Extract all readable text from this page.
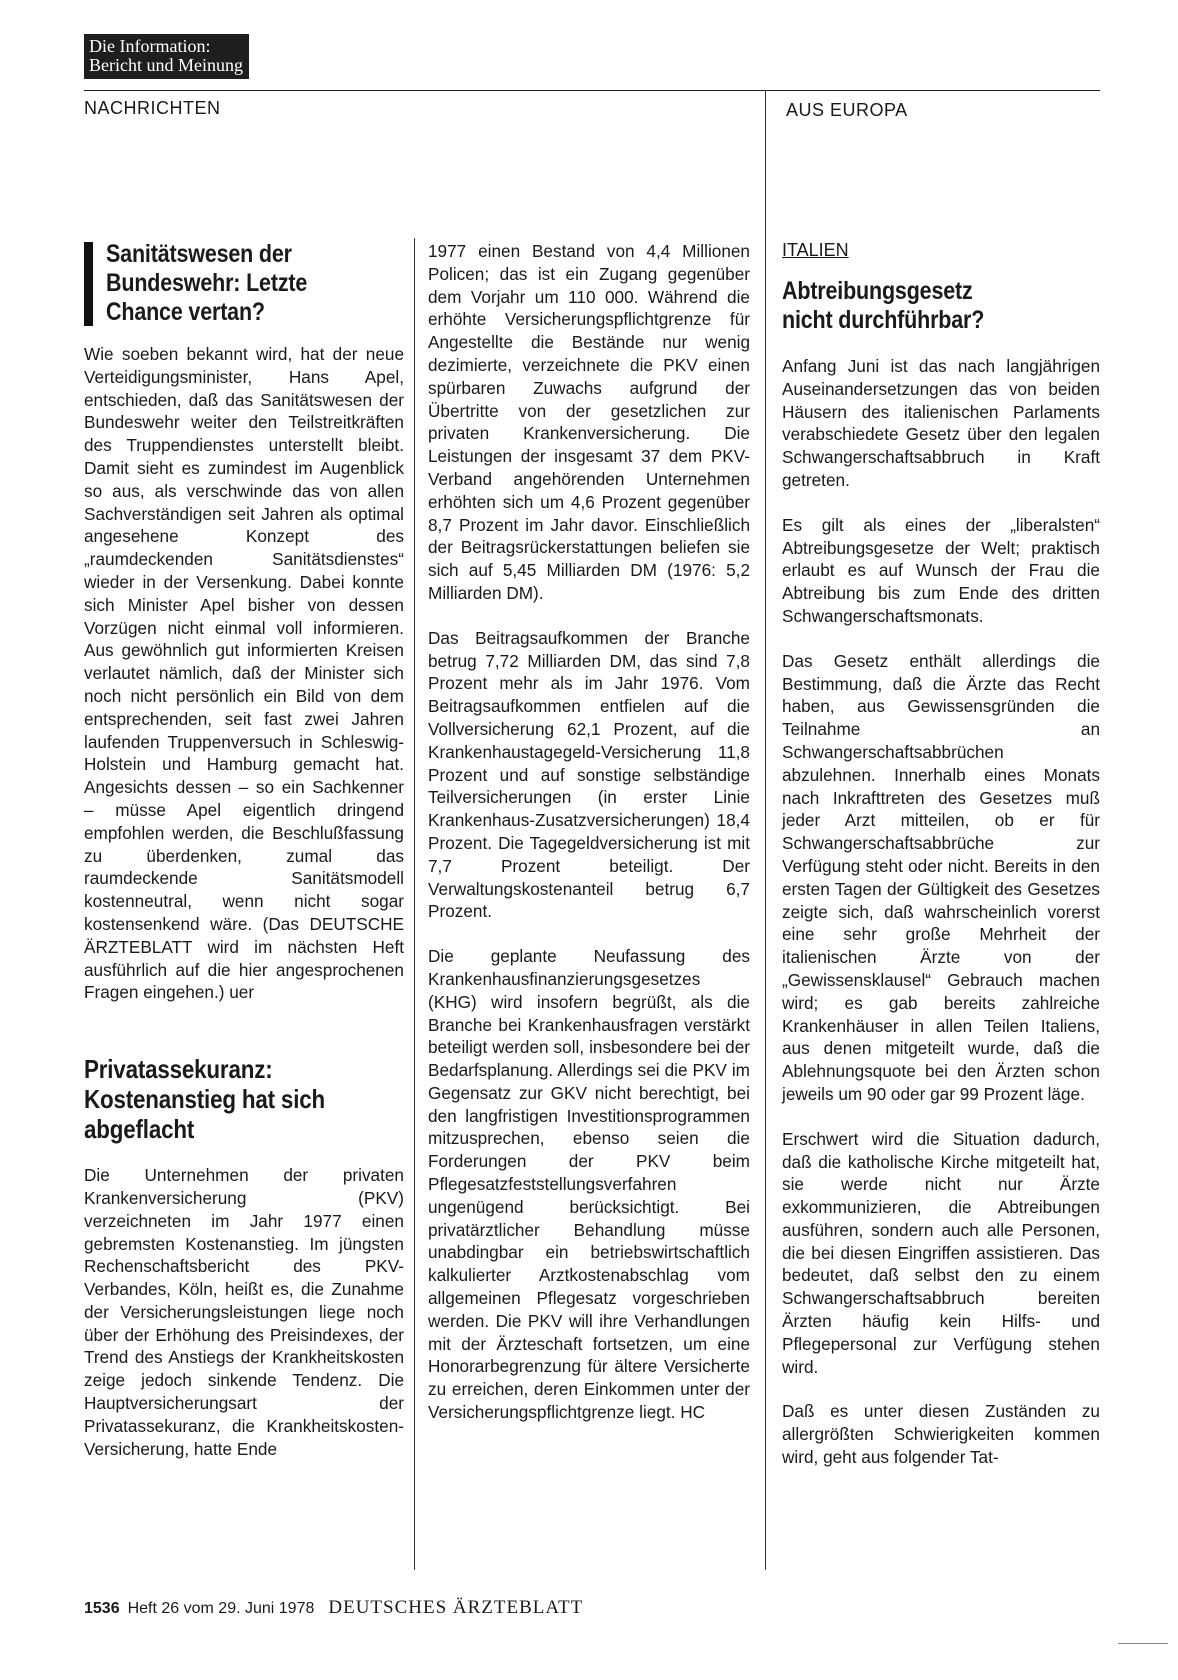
Die Information:
Bericht und Meinung
NACHRICHTEN	AUS EUROPA
Sanitätswesen der Bundeswehr: Letzte Chance vertan?

Wie soeben bekannt wird, hat der neue Verteidigungsminister, Hans Apel, entschieden, daß das Sanitätswesen der Bundeswehr weiter den Teilstreitkräften des Truppendienstes unterstellt bleibt. Damit sieht es zumindest im Augenblick so aus, als verschwinde das von allen Sachverständigen seit Jahren als optimal angesehene Konzept des „raumdeckenden Sanitätsdienstes“ wieder in der Versenkung. Dabei konnte sich Minister Apel bisher von dessen Vorzügen nicht einmal voll informieren. Aus gewöhnlich gut informierten Kreisen verlautet nämlich, daß der Minister sich noch nicht persönlich ein Bild von dem entsprechenden, seit fast zwei Jahren laufenden Truppenversuch in Schleswig-Holstein und Hamburg gemacht hat. Angesichts dessen – so ein Sachkenner – müsse Apel eigentlich dringend empfohlen werden, die Beschlußfassung zu überdenken, zumal das raumdeckende Sanitätsmodell kostenneutral, wenn nicht sogar kostensenkend wäre. (Das DEUTSCHE ÄRZTEBLATT wird im nächsten Heft ausführlich auf die hier angesprochenen Fragen eingehen.) uer

Privatassekuranz: Kostenanstieg hat sich abgeflacht

Die Unternehmen der privaten Krankenversicherung (PKV) verzeichneten im Jahr 1977 einen gebremsten Kostenanstieg. Im jüngsten Rechenschaftsbericht des PKV-Verbandes, Köln, heißt es, die Zunahme der Versicherungsleistungen liege noch über der Erhöhung des Preisindexes, der Trend des Anstiegs der Krankheitskosten zeige jedoch sinkende Tendenz. Die Hauptversicherungsart der Privatassekuranz, die Krankheitskosten-Versicherung, hatte Ende

1977 einen Bestand von 4,4 Millionen Policen; das ist ein Zugang gegenüber dem Vorjahr um 110 000. Während die erhöhte Versicherungspflichtgrenze für Angestellte die Bestände nur wenig dezimierte, verzeichnete die PKV einen spürbaren Zuwachs aufgrund der Übertritte von der gesetzlichen zur privaten Krankenversicherung. Die Leistungen der insgesamt 37 dem PKV-Verband angehörenden Unternehmen erhöhten sich um 4,6 Prozent gegenüber 8,7 Prozent im Jahr davor. Einschließlich der Beitragsrückerstattungen beliefen sie sich auf 5,45 Milliarden DM (1976: 5,2 Milliarden DM).

Das Beitragsaufkommen der Branche betrug 7,72 Milliarden DM, das sind 7,8 Prozent mehr als im Jahr 1976. Vom Beitragsaufkommen entfielen auf die Vollversicherung 62,1 Prozent, auf die Krankenhaustagegeld-Versicherung 11,8 Prozent und auf sonstige selbständige Teilversicherungen (in erster Linie Krankenhaus-Zusatzversicherungen) 18,4 Prozent. Die Tagegeldversicherung ist mit 7,7 Prozent beteiligt. Der Verwaltungskostenanteil betrug 6,7 Prozent.

Die geplante Neufassung des Krankenhausfinanzierungsgesetzes (KHG) wird insofern begrüßt, als die Branche bei Krankenhausfragen verstärkt beteiligt werden soll, insbesondere bei der Bedarfsplanung. Allerdings sei die PKV im Gegensatz zur GKV nicht berechtigt, bei den langfristigen Investitionsprogrammen mitzusprechen, ebenso seien die Forderungen der PKV beim Pflegesatzfeststellungsverfahren ungenügend berücksichtigt. Bei privatärztlicher Behandlung müsse unabdingbar ein betriebswirtschaftlich kalkulierter Arztkostenabschlag vom allgemeinen Pflegesatz vorgeschrieben werden. Die PKV will ihre Verhandlungen mit der Ärzteschaft fortsetzen, um eine Honorarbegrenzung für ältere Versicherte zu erreichen, deren Einkommen unter der Versicherungspflichtgrenze liegt. HC

ITALIEN
Abtreibungsgesetz nicht durchführbar?

Anfang Juni ist das nach langjährigen Auseinandersetzungen das von beiden Häusern des italienischen Parlaments verabschiedete Gesetz über den legalen Schwangerschaftsabbruch in Kraft getreten.

Es gilt als eines der „liberalsten“ Abtreibungsgesetze der Welt; praktisch erlaubt es auf Wunsch der Frau die Abtreibung bis zum Ende des dritten Schwangerschaftsmonats.

Das Gesetz enthält allerdings die Bestimmung, daß die Ärzte das Recht haben, aus Gewissensgründen die Teilnahme an Schwangerschaftsabbrüchen abzulehnen. Innerhalb eines Monats nach Inkrafttreten des Gesetzes muß jeder Arzt mitteilen, ob er für Schwangerschaftsabbrüche zur Verfügung steht oder nicht. Bereits in den ersten Tagen der Gültigkeit des Gesetzes zeigte sich, daß wahrscheinlich vorerst eine sehr große Mehrheit der italienischen Ärzte von der „Gewissensklausel“ Gebrauch machen wird; es gab bereits zahlreiche Krankenhäuser in allen Teilen Italiens, aus denen mitgeteilt wurde, daß die Ablehnungsquote bei den Ärzten schon jeweils um 90 oder gar 99 Prozent läge.

Erschwert wird die Situation dadurch, daß die katholische Kirche mitgeteilt hat, sie werde nicht nur Ärzte exkommunizieren, die Abtreibungen ausführen, sondern auch alle Personen, die bei diesen Eingriffen assistieren. Das bedeutet, daß selbst den zu einem Schwangerschaftsabbruch bereiten Ärzten häufig kein Hilfs- und Pflegepersonal zur Verfügung stehen wird.

Daß es unter diesen Zuständen zu allergrößten Schwierigkeiten kommen wird, geht aus folgender Tat-

1536 Heft 26 vom 29. Juni 1978 DEUTSCHES ÄRZTEBLATT
